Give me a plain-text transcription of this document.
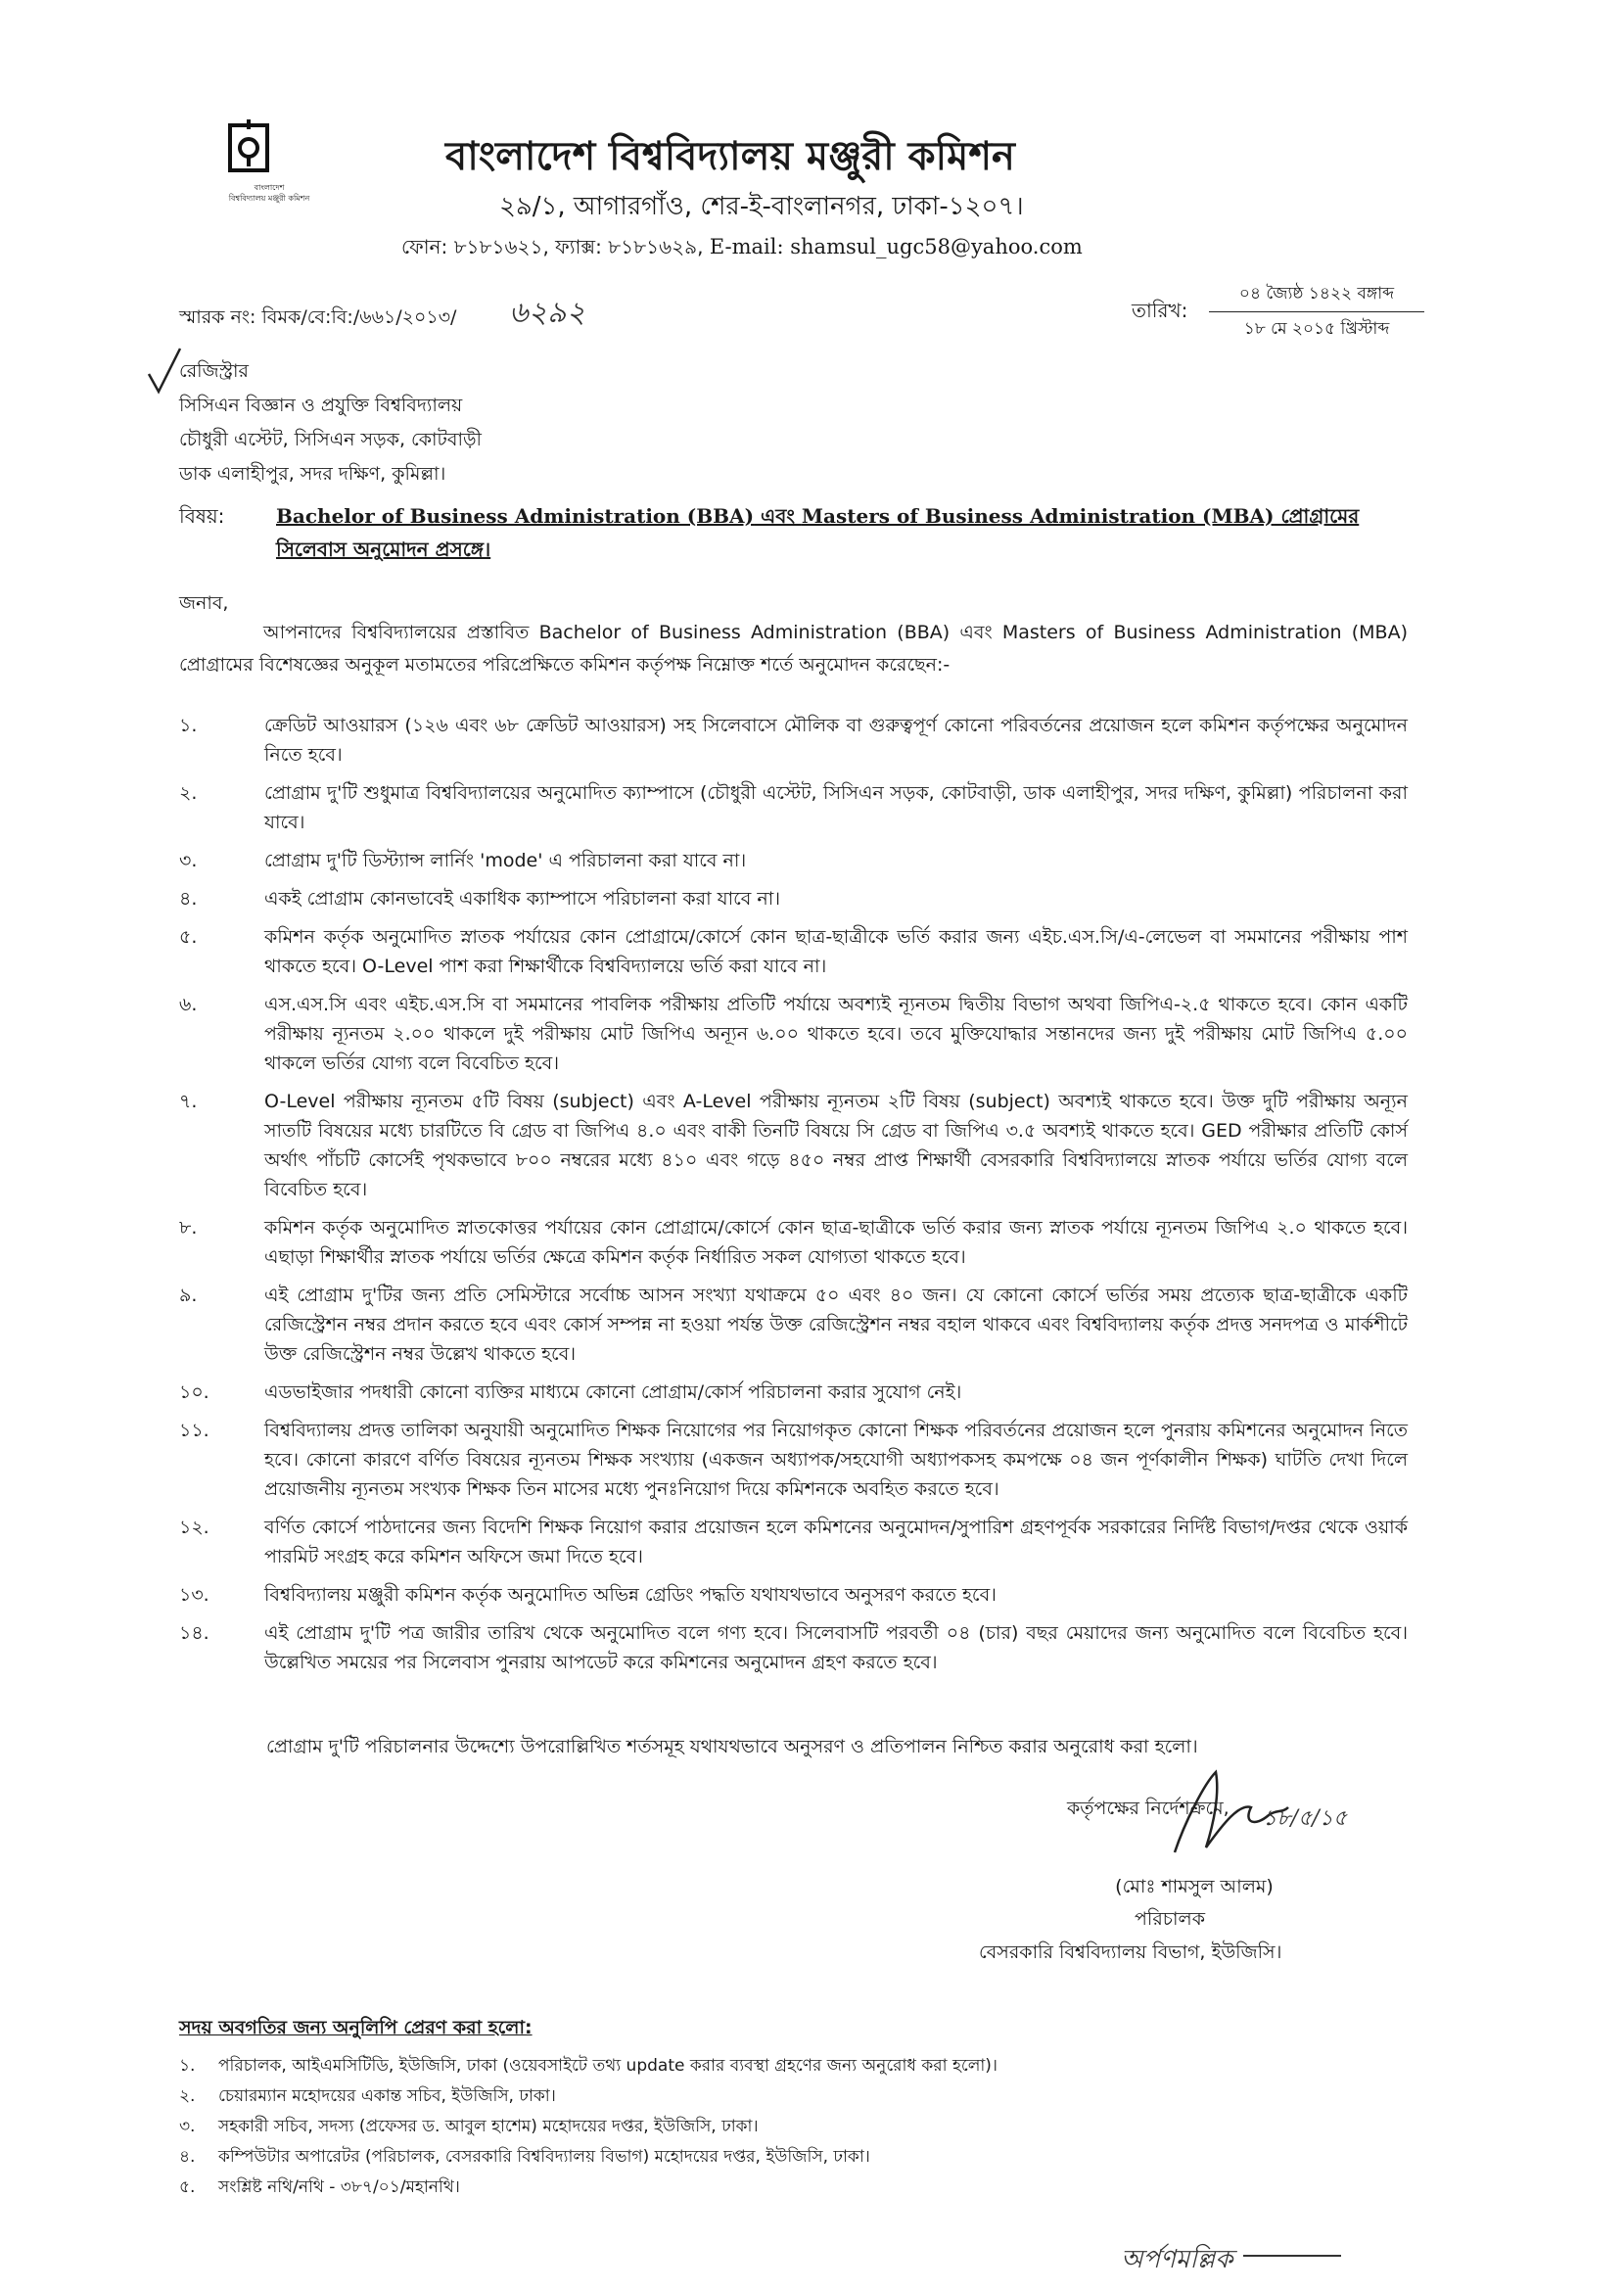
বাংলাদেশ
বিশ্ববিদ্যালয় মঞ্জুরী কমিশন
বাংলাদেশ বিশ্ববিদ্যালয় মঞ্জুরী কমিশন
২৯/১, আগারগাঁও, শের-ই-বাংলানগর, ঢাকা-১২০৭।
ফোন: ৮১৮১৬২১, ফ্যাক্স: ৮১৮১৬২৯, E-mail: shamsul_ugc58@yahoo.com
স্মারক নং: বিমক/বে:বি:/৬৬১/২০১৩/ ৬২৯২	তারিখ:
০৪ জ্যৈষ্ঠ ১৪২২ বঙ্গাব্দ
১৮ মে ২০১৫ খ্রিস্টাব্দ
রেজিস্ট্রার
সিসিএন বিজ্ঞান ও প্রযুক্তি বিশ্ববিদ্যালয়
চৌধুরী এস্টেট, সিসিএন সড়ক, কোটবাড়ী
ডাক এলাহীপুর, সদর দক্ষিণ, কুমিল্লা।
বিষয়:	Bachelor of Business Administration (BBA) এবং Masters of Business Administration (MBA) প্রোগ্রামের সিলেবাস অনুমোদন প্রসঙ্গে।
জনাব,
আপনাদের বিশ্ববিদ্যালয়ের প্রস্তাবিত Bachelor of Business Administration (BBA) এবং Masters of Business Administration (MBA) প্রোগ্রামের বিশেষজ্ঞের অনুকূল মতামতের পরিপ্রেক্ষিতে কমিশন কর্তৃপক্ষ নিম্নোক্ত শর্তে অনুমোদন করেছেন:-
১.	ক্রেডিট আওয়ারস (১২৬ এবং ৬৮ ক্রেডিট আওয়ারস) সহ সিলেবাসে মৌলিক বা গুরুত্বপূর্ণ কোনো পরিবর্তনের প্রয়োজন হলে কমিশন কর্তৃপক্ষের অনুমোদন নিতে হবে।
২.	প্রোগ্রাম দু'টি শুধুমাত্র বিশ্ববিদ্যালয়ের অনুমোদিত ক্যাম্পাসে (চৌধুরী এস্টেট, সিসিএন সড়ক, কোটবাড়ী, ডাক এলাহীপুর, সদর দক্ষিণ, কুমিল্লা) পরিচালনা করা যাবে।
৩.	প্রোগ্রাম দু'টি ডিস্ট্যান্স লার্নিং 'mode' এ পরিচালনা করা যাবে না।
৪.	একই প্রোগ্রাম কোনভাবেই একাধিক ক্যাম্পাসে পরিচালনা করা যাবে না।
৫.	কমিশন কর্তৃক অনুমোদিত স্নাতক পর্যায়ের কোন প্রোগ্রামে/কোর্সে কোন ছাত্র-ছাত্রীকে ভর্তি করার জন্য এইচ.এস.সি/এ-লেভেল বা সমমানের পরীক্ষায় পাশ থাকতে হবে। O-Level পাশ করা শিক্ষার্থীকে বিশ্ববিদ্যালয়ে ভর্তি করা যাবে না।
৬.	এস.এস.সি এবং এইচ.এস.সি বা সমমানের পাবলিক পরীক্ষায় প্রতিটি পর্যায়ে অবশ্যই ন্যূনতম দ্বিতীয় বিভাগ অথবা জিপিএ-২.৫ থাকতে হবে। কোন একটি পরীক্ষায় ন্যূনতম ২.০০ থাকলে দুই পরীক্ষায় মোট জিপিএ অন্যূন ৬.০০ থাকতে হবে। তবে মুক্তিযোদ্ধার সন্তানদের জন্য দুই পরীক্ষায় মোট জিপিএ ৫.০০ থাকলে ভর্তির যোগ্য বলে বিবেচিত হবে।
৭.	O-Level পরীক্ষায় ন্যূনতম ৫টি বিষয় (subject) এবং A-Level পরীক্ষায় ন্যূনতম ২টি বিষয় (subject) অবশ্যই থাকতে হবে। উক্ত দুটি পরীক্ষায় অন্যূন সাতটি বিষয়ের মধ্যে চারটিতে বি গ্রেড বা জিপিএ ৪.০ এবং বাকী তিনটি বিষয়ে সি গ্রেড বা জিপিএ ৩.৫ অবশ্যই থাকতে হবে। GED পরীক্ষার প্রতিটি কোর্স অর্থাৎ পাঁচটি কোর্সেই পৃথকভাবে ৮০০ নম্বরের মধ্যে ৪১০ এবং গড়ে ৪৫০ নম্বর প্রাপ্ত শিক্ষার্থী বেসরকারি বিশ্ববিদ্যালয়ে স্নাতক পর্যায়ে ভর্তির যোগ্য বলে বিবেচিত হবে।
৮.	কমিশন কর্তৃক অনুমোদিত স্নাতকোত্তর পর্যায়ের কোন প্রোগ্রামে/কোর্সে কোন ছাত্র-ছাত্রীকে ভর্তি করার জন্য স্নাতক পর্যায়ে ন্যূনতম জিপিএ ২.০ থাকতে হবে। এছাড়া শিক্ষার্থীর স্নাতক পর্যায়ে ভর্তির ক্ষেত্রে কমিশন কর্তৃক নির্ধারিত সকল যোগ্যতা থাকতে হবে।
৯.	এই প্রোগ্রাম দু'টির জন্য প্রতি সেমিস্টারে সর্বোচ্চ আসন সংখ্যা যথাক্রমে ৫০ এবং ৪০ জন। যে কোনো কোর্সে ভর্তির সময় প্রত্যেক ছাত্র-ছাত্রীকে একটি রেজিস্ট্রেশন নম্বর প্রদান করতে হবে এবং কোর্স সম্পন্ন না হওয়া পর্যন্ত উক্ত রেজিস্ট্রেশন নম্বর বহাল থাকবে এবং বিশ্ববিদ্যালয় কর্তৃক প্রদত্ত সনদপত্র ও মার্কশীটে উক্ত রেজিস্ট্রেশন নম্বর উল্লেখ থাকতে হবে।
১০.	এডভাইজার পদধারী কোনো ব্যক্তির মাধ্যমে কোনো প্রোগ্রাম/কোর্স পরিচালনা করার সুযোগ নেই।
১১.	বিশ্ববিদ্যালয় প্রদত্ত তালিকা অনুযায়ী অনুমোদিত শিক্ষক নিয়োগের পর নিয়োগকৃত কোনো শিক্ষক পরিবর্তনের প্রয়োজন হলে পুনরায় কমিশনের অনুমোদন নিতে হবে। কোনো কারণে বর্ণিত বিষয়ের ন্যূনতম শিক্ষক সংখ্যায় (একজন অধ্যাপক/সহযোগী অধ্যাপকসহ কমপক্ষে ০৪ জন পূর্ণকালীন শিক্ষক) ঘাটতি দেখা দিলে প্রয়োজনীয় ন্যূনতম সংখ্যক শিক্ষক তিন মাসের মধ্যে পুনঃনিয়োগ দিয়ে কমিশনকে অবহিত করতে হবে।
১২.	বর্ণিত কোর্সে পাঠদানের জন্য বিদেশি শিক্ষক নিয়োগ করার প্রয়োজন হলে কমিশনের অনুমোদন/সুপারিশ গ্রহণপূর্বক সরকারের নির্দিষ্ট বিভাগ/দপ্তর থেকে ওয়ার্ক পারমিট সংগ্রহ করে কমিশন অফিসে জমা দিতে হবে।
১৩.	বিশ্ববিদ্যালয় মঞ্জুরী কমিশন কর্তৃক অনুমোদিত অভিন্ন গ্রেডিং পদ্ধতি যথাযথভাবে অনুসরণ করতে হবে।
১৪.	এই প্রোগ্রাম দু'টি পত্র জারীর তারিখ থেকে অনুমোদিত বলে গণ্য হবে। সিলেবাসটি পরবর্তী ০৪ (চার) বছর মেয়াদের জন্য অনুমোদিত বলে বিবেচিত হবে। উল্লেখিত সময়ের পর সিলেবাস পুনরায় আপডেট করে কমিশনের অনুমোদন গ্রহণ করতে হবে।
প্রোগ্রাম দু'টি পরিচালনার উদ্দেশ্যে উপরোল্লিখিত শর্তসমূহ যথাযথভাবে অনুসরণ ও প্রতিপালন নিশ্চিত করার অনুরোধ করা হলো।
কর্তৃপক্ষের নির্দেশক্রমে, ১৮/৫/১৫
(মোঃ শামসুল আলম)
পরিচালক
বেসরকারি বিশ্ববিদ্যালয় বিভাগ, ইউজিসি।
সদয় অবগতির জন্য অনুলিপি প্রেরণ করা হলো:
১. পরিচালক, আইএমসিটিডি, ইউজিসি, ঢাকা (ওয়েবসাইটে তথ্য update করার ব্যবস্থা গ্রহণের জন্য অনুরোধ করা হলো)।
২. চেয়ারম্যান মহোদয়ের একান্ত সচিব, ইউজিসি, ঢাকা।
৩. সহকারী সচিব, সদস্য (প্রফেসর ড. আবুল হাশেম) মহোদয়ের দপ্তর, ইউজিসি, ঢাকা।
৪. কম্পিউটার অপারেটর (পরিচালক, বেসরকারি বিশ্ববিদ্যালয় বিভাগ) মহোদয়ের দপ্তর, ইউজিসি, ঢাকা।
৫. সংশ্লিষ্ট নথি/নথি - ৩৮৭/০১/মহানথি।
অর্পণমল্লিক
